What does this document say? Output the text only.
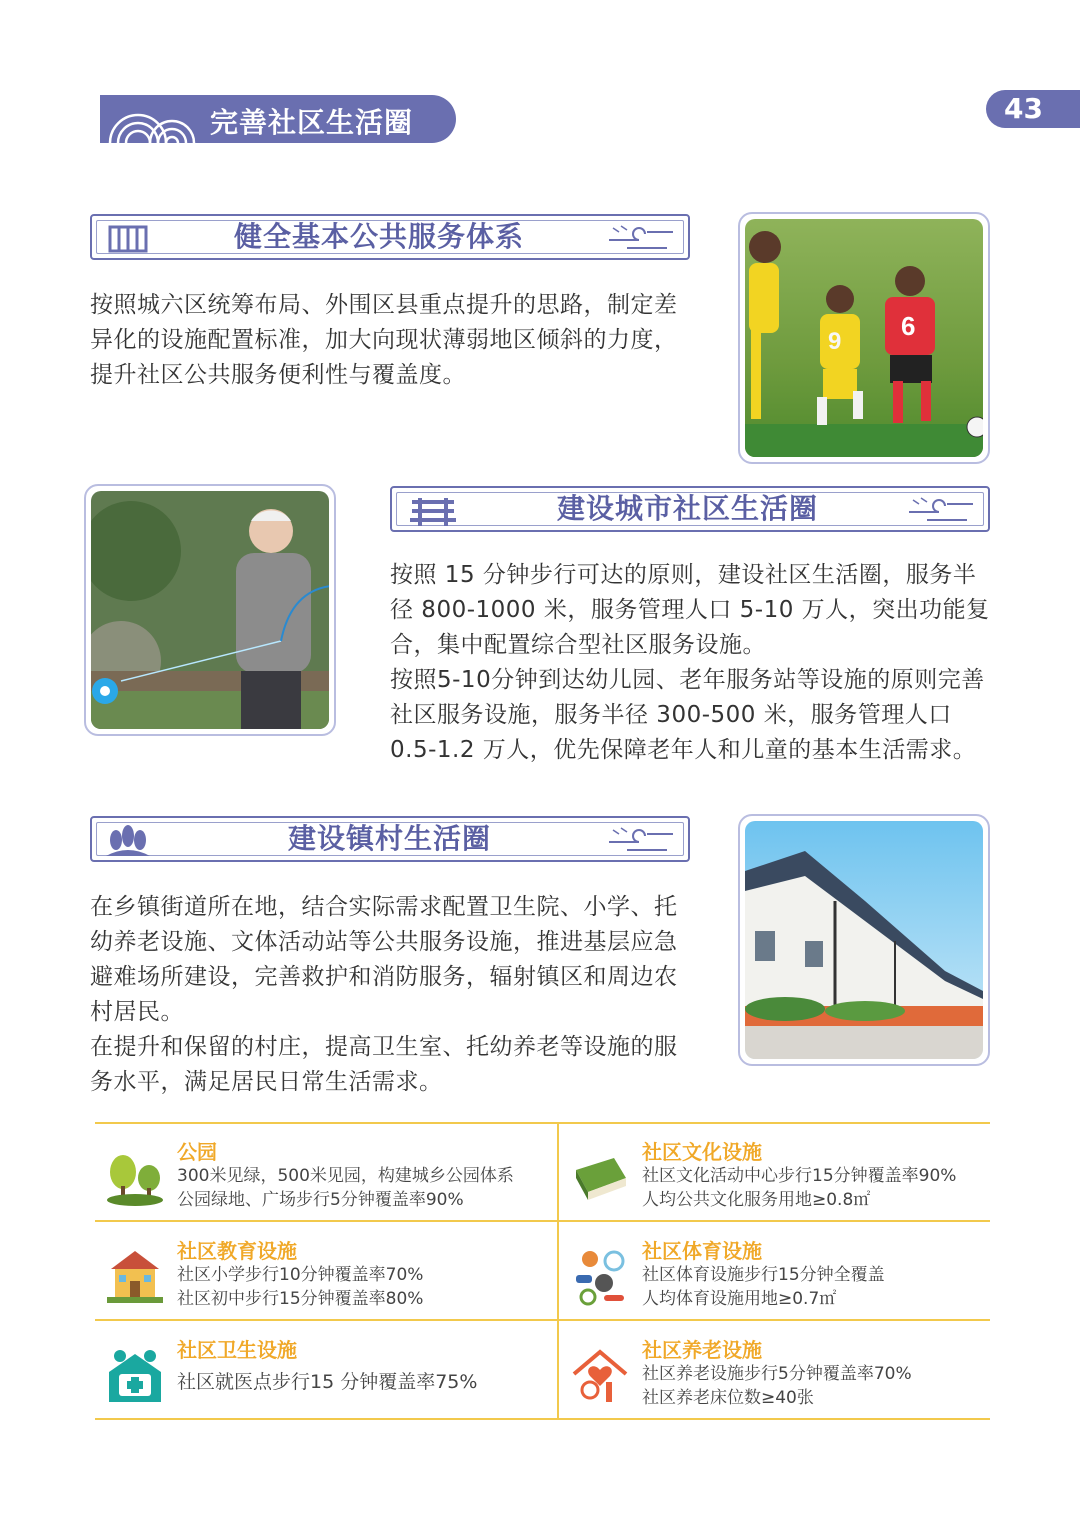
完善社区生活圈	43
健全基本公共服务体系

按照城六区统筹布局、外围区县重点提升的思路，制定差异化的设施配置标准，加大向现状薄弱地区倾斜的力度，提升社区公共服务便利性与覆盖度。

9
6
建设城市社区生活圈

按照 15 分钟步行可达的原则，建设社区生活圈，服务半径 800-1000 米，服务管理人口 5-10 万人，突出功能复合，集中配置综合型社区服务设施。

按照5-10分钟到达幼儿园、老年服务站等设施的原则完善社区服务设施，服务半径 300-500 米，服务管理人口 0.5-1.2 万人，优先保障老年人和儿童的基本生活需求。

建设镇村生活圈

在乡镇街道所在地，结合实际需求配置卫生院、小学、托幼养老设施、文体活动站等公共服务设施，推进基层应急避难场所建设，完善救护和消防服务，辐射镇区和周边农村居民。

在提升和保留的村庄，提高卫生室、托幼养老等设施的服务水平，满足居民日常生活需求。

公园
300米见绿，500米见园，构建城乡公园体系
公园绿地、广场步行5分钟覆盖率90%
社区文化设施
社区文化活动中心步行15分钟覆盖率90%
人均公共文化服务用地≥0.8㎡
社区教育设施
社区小学步行10分钟覆盖率70%
社区初中步行15分钟覆盖率80%
社区体育设施
社区体育设施步行15分钟全覆盖
人均体育设施用地≥0.7㎡
社区卫生设施
社区就医点步行15 分钟覆盖率75%
社区养老设施
社区养老设施步行5分钟覆盖率70%
社区养老床位数≥40张
